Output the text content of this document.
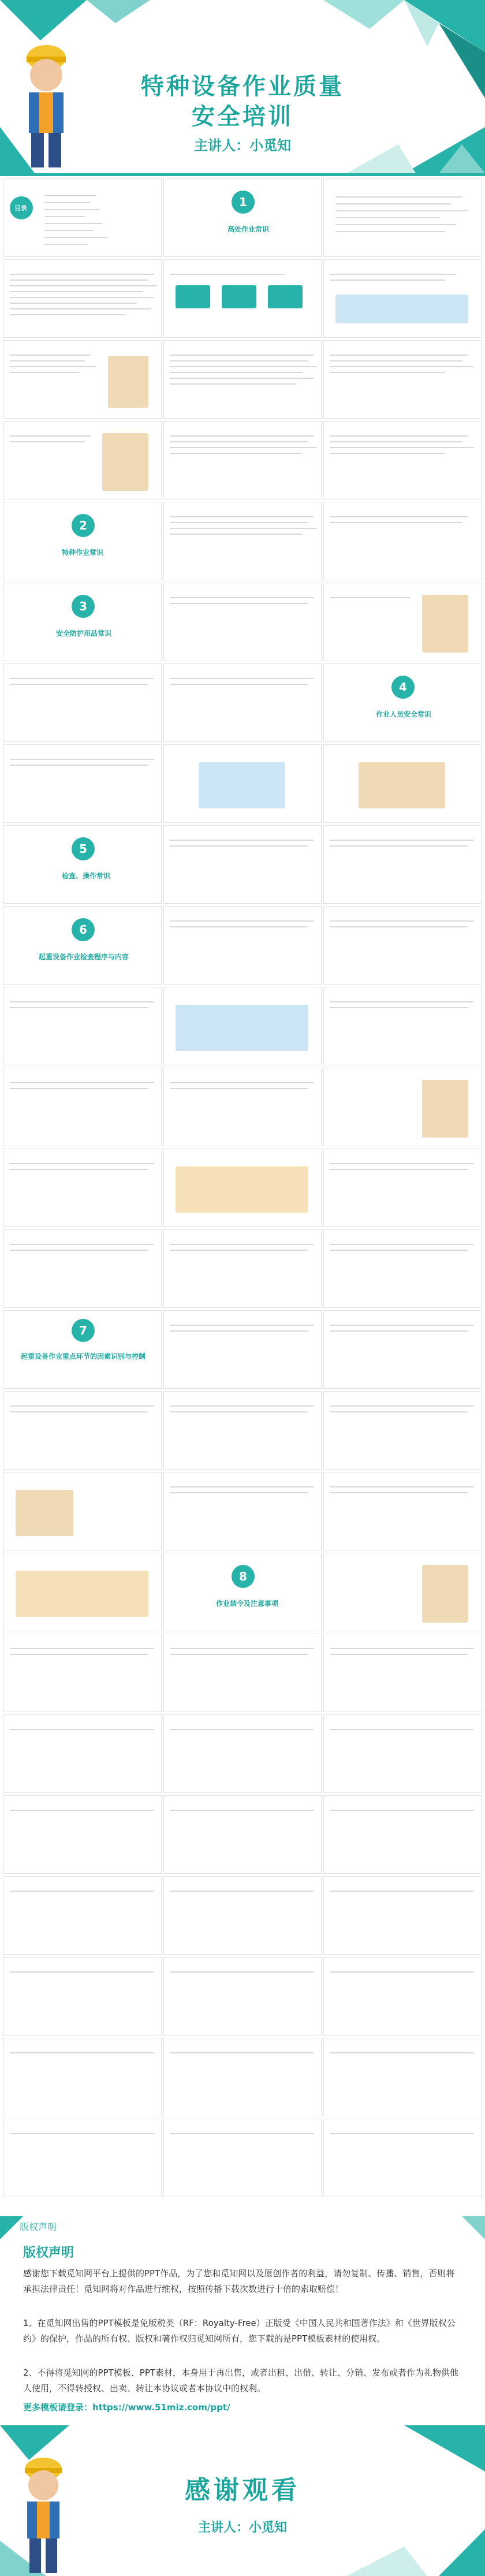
特种设备作业质量
安全培训
主讲人：小觅知
目录	1
高处作业常识
2
特种作业常识
3
安全防护用品常识
4
作业人员安全常识
5
检查、操作常识
6
起重设备作业检查程序与内容
7
起重设备作业重点环节的因素识别与控制
8
作业禁令及注意事项
版权声明
版权声明
感谢您下载觅知网平台上提供的PPT作品，为了您和觅知网以及原创作者的利益，请勿复制、传播、销售，否则将承担法律责任！觅知网将对作品进行维权，按照传播下载次数进行十倍的索取赔偿！
1、在觅知网出售的PPT模板是免版税类（RF：Royalty-Free）正版受《中国人民共和国著作法》和《世界版权公约》的保护，作品的所有权、版权和著作权归觅知网所有，您下载的是PPT模板素材的使用权。
2、不得将觅知网的PPT模板、PPT素材，本身用于再出售，或者出租、出借、转让、分销、发布或者作为礼物供他人使用，不得转授权、出卖、转让本协议或者本协议中的权利。
更多模板请登录：https://www.51miz.com/ppt/
感谢观看
主讲人：小觅知
